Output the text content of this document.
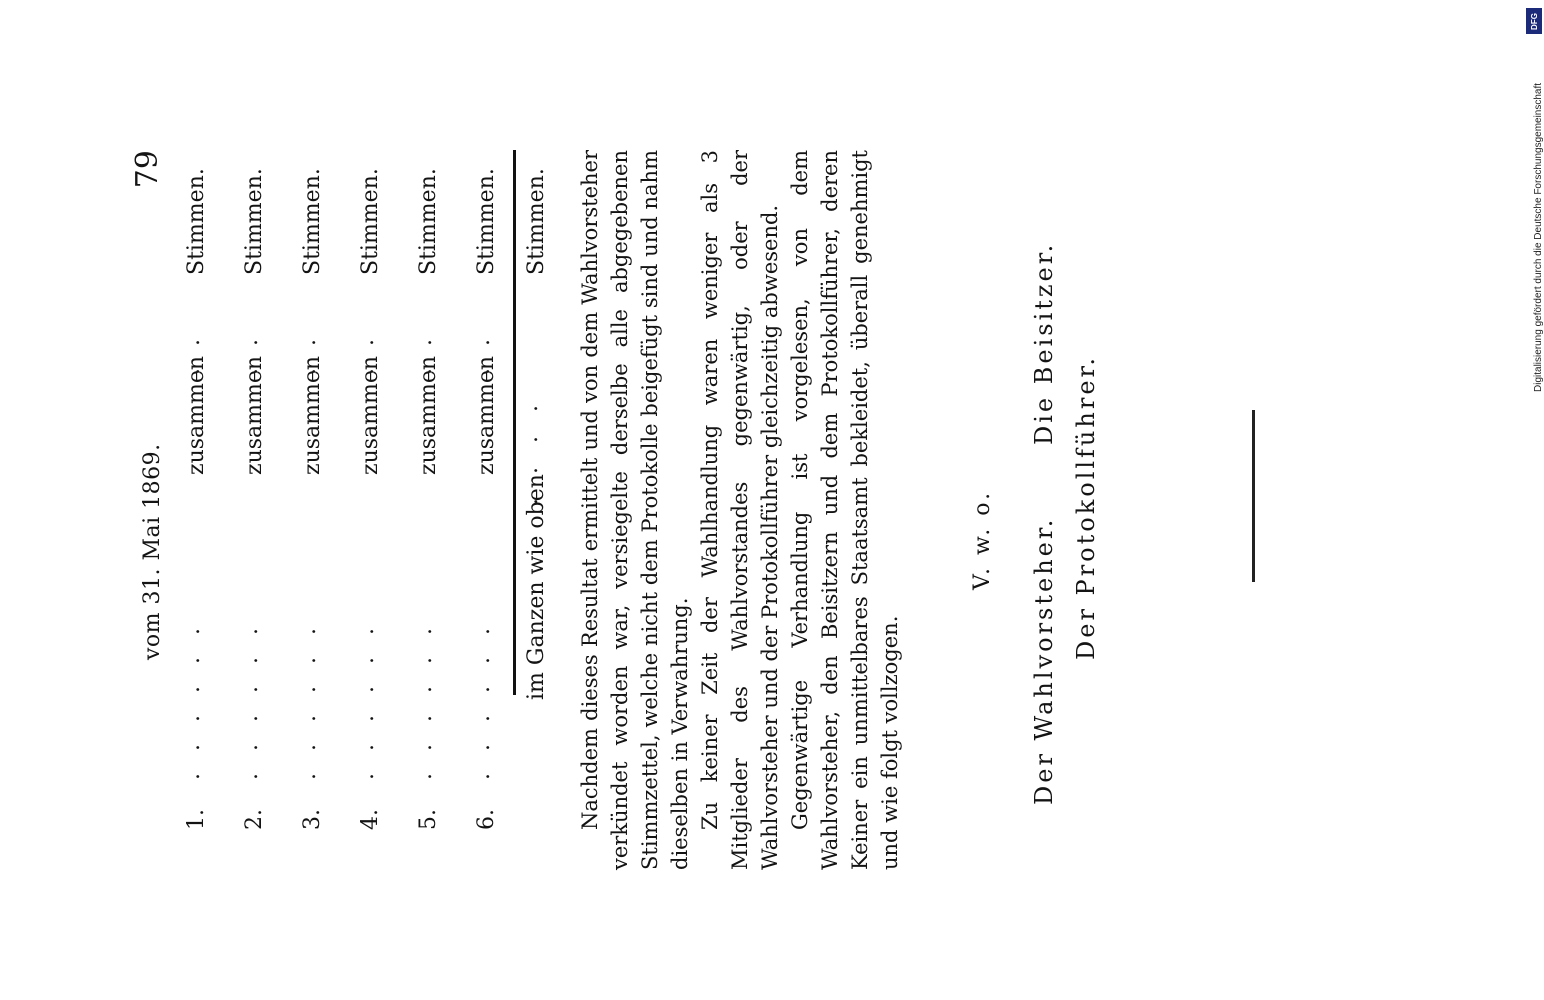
vom 31. Mai 1869.
79
1.
......
zusammen
..
Stimmen.
2.
......
zusammen
..
Stimmen.
3.
......
zusammen
..
Stimmen.
4.
......
zusammen
..
Stimmen.
5.
......
zusammen
..
Stimmen.
6.
......
zusammen
..
Stimmen.
im Ganzen wie oben
....
Stimmen. Nachdem dieses Resultat ermittelt und von dem Wahlvorsteher verkündet worden war, versiegelte derselbe alle abgegebenen Stimmzettel, welche nicht dem Protokolle beigefügt sind und nahm dieselben in Verwahrung. Zu keiner Zeit der Wahlhandlung waren weniger als 3 Mitglieder des Wahlvorstandes gegenwärtig, oder der Wahlvorsteher und der Protokollführer gleichzeitig abwesend. Gegenwärtige Verhandlung ist vorgelesen, von dem Wahlvorsteher, den Beisitzern und dem Protokollführer, deren Keiner ein unmittelbares Staatsamt bekleidet, überall genehmigt und wie folgt vollzogen.

V. w. o. Der Wahlvorsteher.
Die Beisitzer.
Der Protokollführer.
Digitalisierung gefördert durch die Deutsche Forschungsgemeinschaft
DFG
